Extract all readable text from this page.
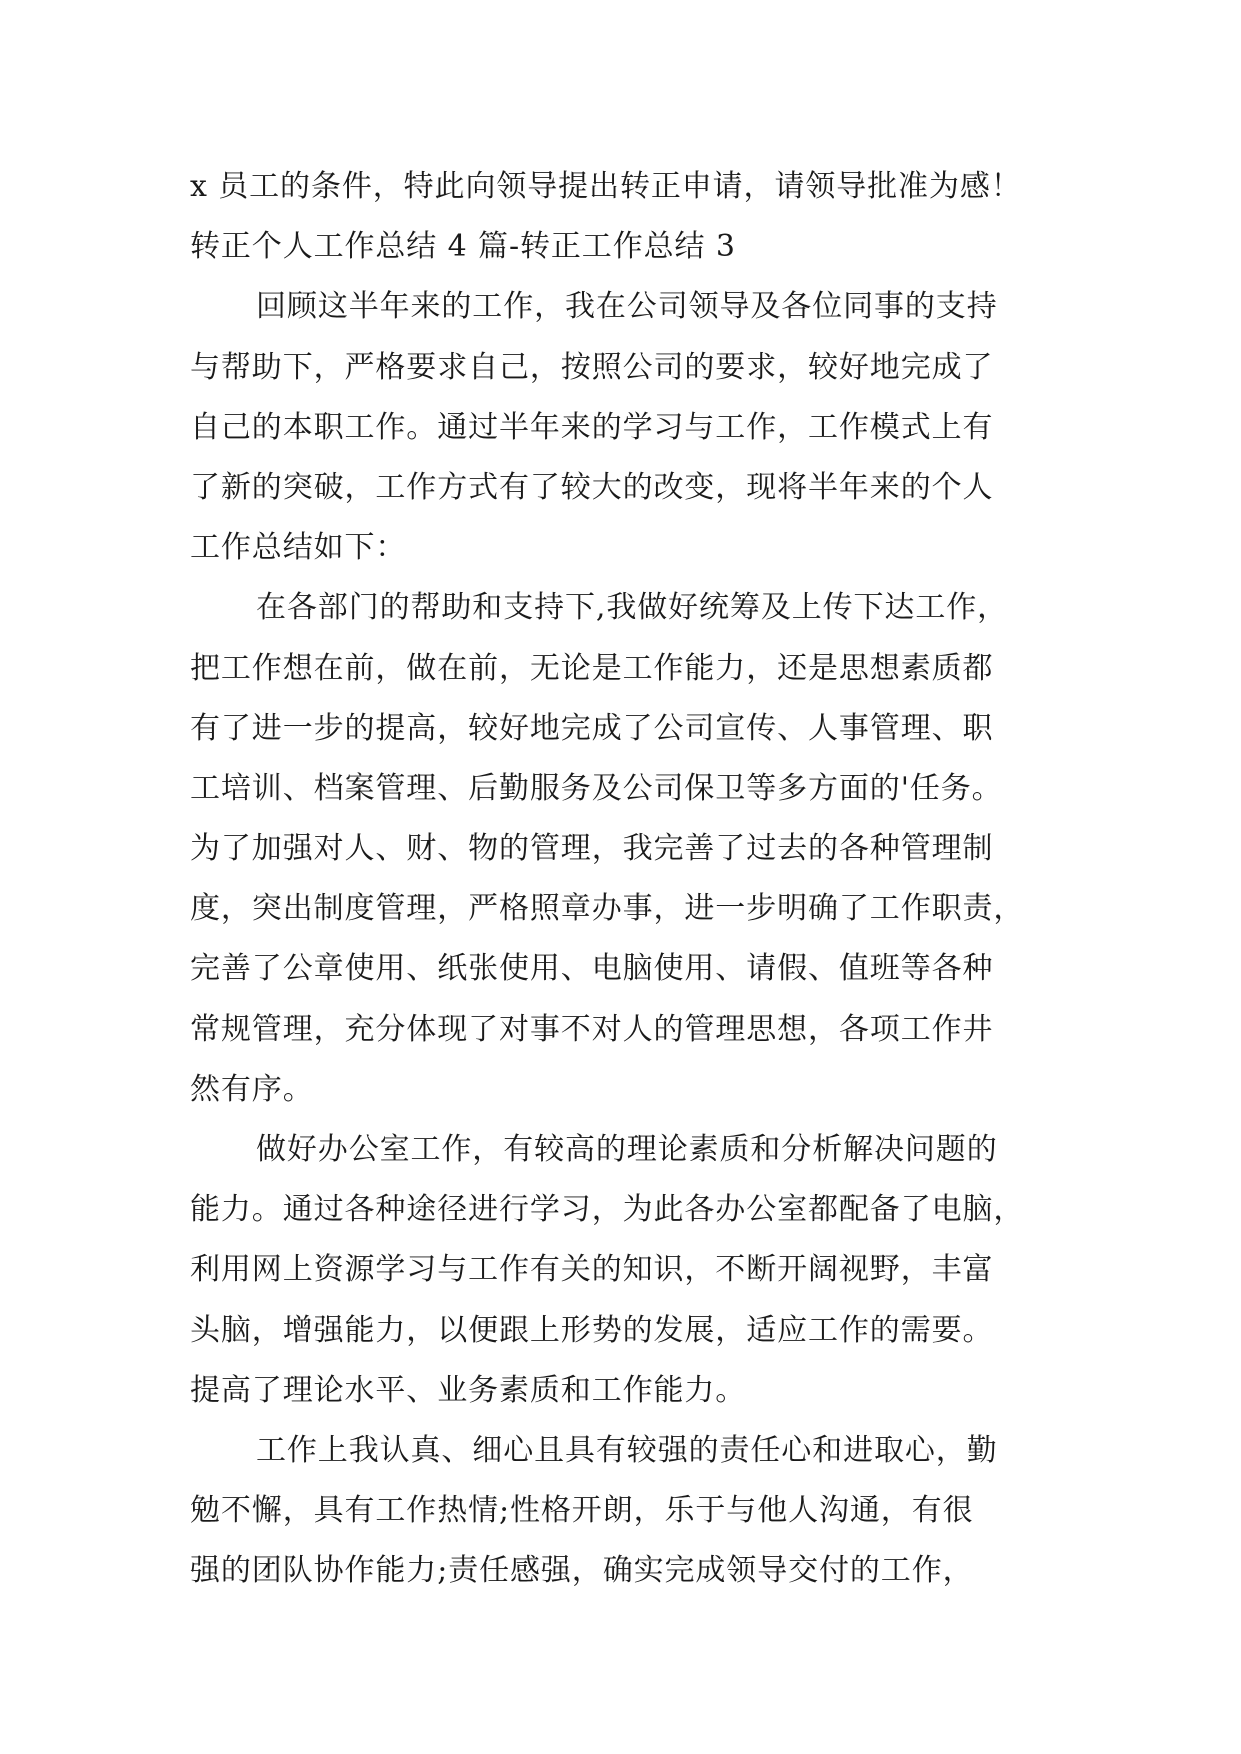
x 员工的条件，特此向领导提出转正申请，请领导批准为感！
转正个人工作总结 4 篇-转正工作总结 3
回顾这半年来的工作，我在公司领导及各位同事的支持
与帮助下，严格要求自己，按照公司的要求，较好地完成了
自己的本职工作。通过半年来的学习与工作，工作模式上有
了新的突破，工作方式有了较大的改变，现将半年来的个人
工作总结如下：
在各部门的帮助和支持下,我做好统筹及上传下达工作，
把工作想在前，做在前，无论是工作能力，还是思想素质都
有了进一步的提高，较好地完成了公司宣传、人事管理、职
工培训、档案管理、后勤服务及公司保卫等多方面的'任务。
为了加强对人、财、物的管理，我完善了过去的各种管理制
度，突出制度管理，严格照章办事，进一步明确了工作职责，
完善了公章使用、纸张使用、电脑使用、请假、值班等各种
常规管理，充分体现了对事不对人的管理思想，各项工作井
然有序。
做好办公室工作，有较高的理论素质和分析解决问题的
能力。通过各种途径进行学习，为此各办公室都配备了电脑，
利用网上资源学习与工作有关的知识，不断开阔视野，丰富
头脑，增强能力，以便跟上形势的发展，适应工作的需要。
提高了理论水平、业务素质和工作能力。
工作上我认真、细心且具有较强的责任心和进取心，勤
勉不懈，具有工作热情;性格开朗，乐于与他人沟通，有很
强的团队协作能力;责任感强，确实完成领导交付的工作，
